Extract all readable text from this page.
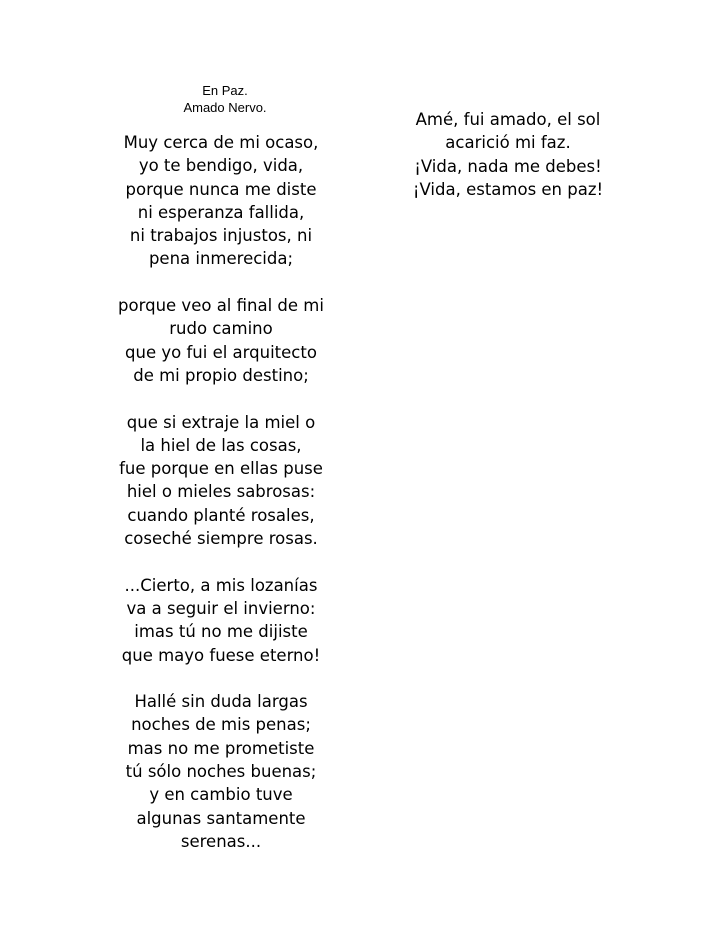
En Paz.
Amado Nervo.
Muy cerca de mi ocaso,
yo te bendigo, vida,
porque nunca me diste
ni esperanza fallida,
ni trabajos injustos, ni
pena inmerecida;
porque veo al final de mi
rudo camino
que yo fui el arquitecto
de mi propio destino;
que si extraje la miel o
la hiel de las cosas,
fue porque en ellas puse
hiel o mieles sabrosas:
cuando planté rosales,
coseché siempre rosas.
...Cierto, a mis lozanías
va a seguir el invierno:
imas tú no me dijiste
que mayo fuese eterno!
Hallé sin duda largas
noches de mis penas;
mas no me prometiste
tú sólo noches buenas;
y en cambio tuve
algunas santamente
serenas...
Amé, fui amado, el sol
acarició mi faz.
¡Vida, nada me debes!
¡Vida, estamos en paz!
